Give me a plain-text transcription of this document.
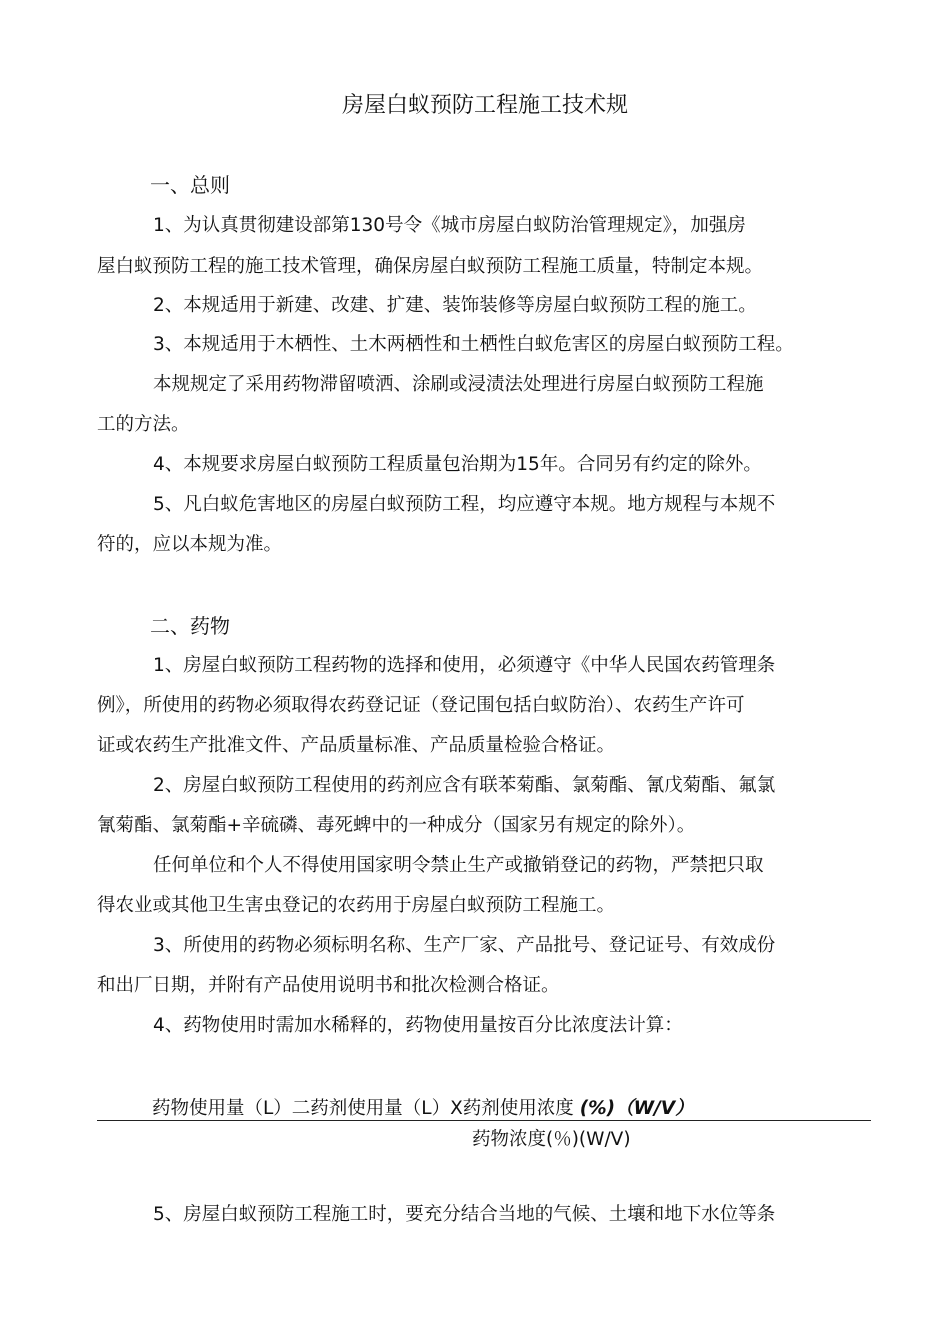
房屋白蚁预防工程施工技术规
一、总则
1、为认真贯彻建设部第130号令《城市房屋白蚁防治管理规定》，加强房
屋白蚁预防工程的施工技术管理，确保房屋白蚁预防工程施工质量，特制定本规。
2、本规适用于新建、改建、扩建、装饰装修等房屋白蚁预防工程的施工。
3、本规适用于木栖性、土木两栖性和土栖性白蚁危害区的房屋白蚁预防工程。
本规规定了采用药物滞留喷洒、涂刷或浸渍法处理进行房屋白蚁预防工程施
工的方法。
4、本规要求房屋白蚁预防工程质量包治期为15年。合同另有约定的除外。
5、凡白蚁危害地区的房屋白蚁预防工程，均应遵守本规。地方规程与本规不
符的，应以本规为准。
二、药物
1、房屋白蚁预防工程药物的选择和使用，必须遵守《中华人民国农药管理条
例》，所使用的药物必须取得农药登记证（登记围包括白蚁防治）、农药生产许可
证或农药生产批准文件、产品质量标准、产品质量检验合格证。
2、房屋白蚁预防工程使用的药剂应含有联苯菊酯、氯菊酯、氰戊菊酯、氟氯
氰菊酯、氯菊酯+辛硫磷、毒死蜱中的一种成分（国家另有规定的除外）。
任何单位和个人不得使用国家明令禁止生产或撤销登记的药物，严禁把只取
得农业或其他卫生害虫登记的农药用于房屋白蚁预防工程施工。
3、所使用的药物必须标明名称、生产厂家、产品批号、登记证号、有效成份
和出厂日期，并附有产品使用说明书和批次检测合格证。
4、药物使用时需加水稀释的，药物使用量按百分比浓度法计算：
药物使用量（L）二药剂使用量（L）X药剂使用浓度 (%)（W/V）
药物浓度(％)(W/V)
5、房屋白蚁预防工程施工时，要充分结合当地的气候、土壤和地下水位等条
